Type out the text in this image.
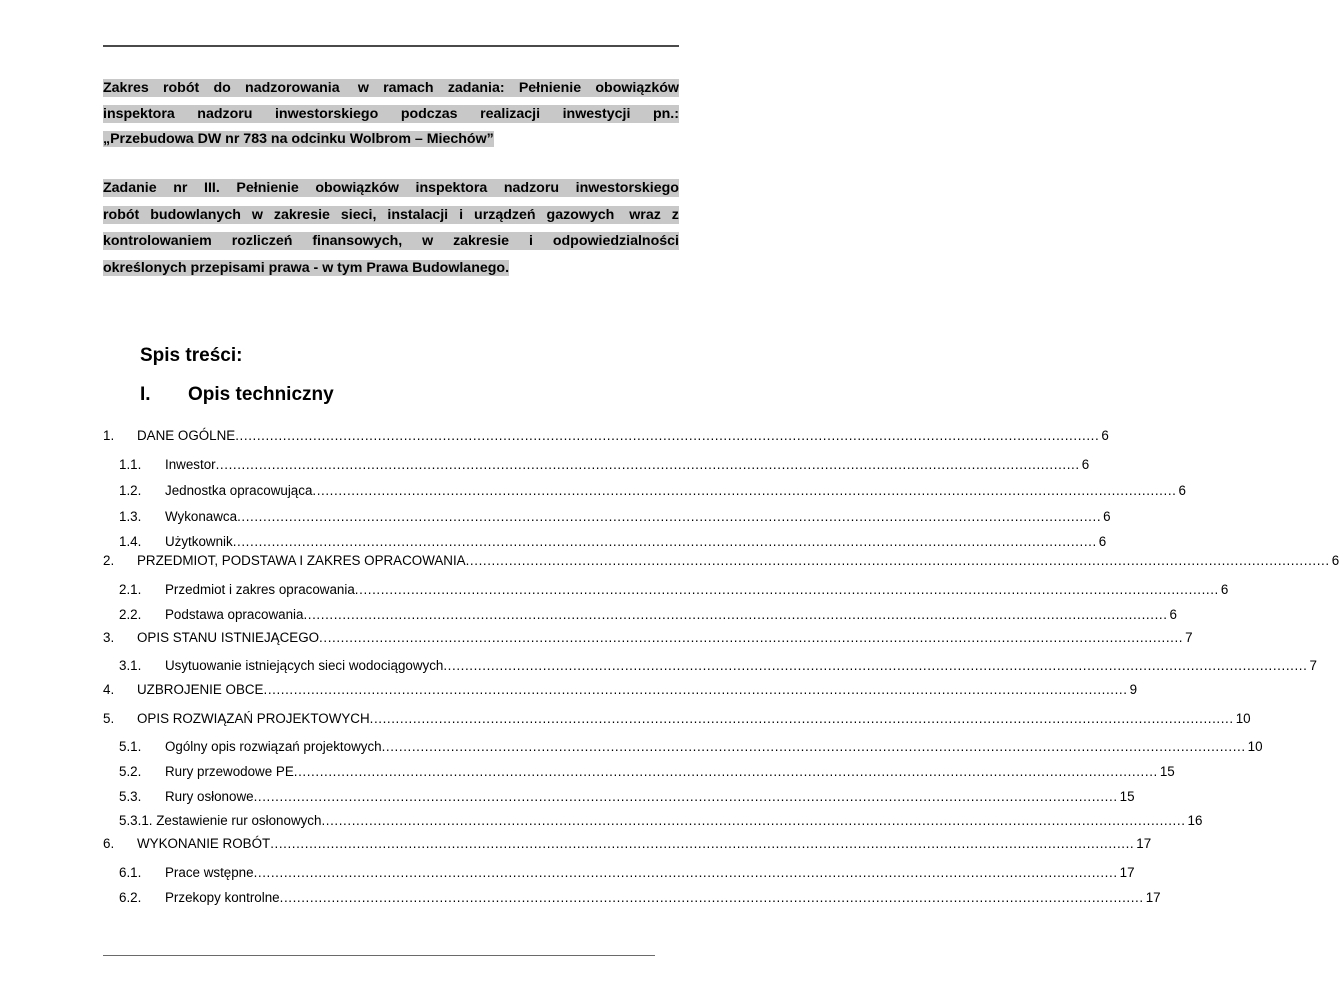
Zakres robót do nadzorowania w ramach zadania: Pełnienie obowiązków
inspektora nadzoru inwestorskiego podczas realizacji inwestycji pn.:
„Przebudowa DW nr 783 na odcinku Wolbrom – Miechów”
Zadanie nr III. Pełnienie obowiązków inspektora nadzoru inwestorskiego
robót budowlanych w zakresie sieci, instalacji i urządzeń gazowych wraz z
kontrolowaniem rozliczeń finansowych, w zakresie i odpowiedzialności
określonych przepisami prawa - w tym Prawa Budowlanego.
Spis treści:
I. Opis techniczny
1. DANE OGÓLNE ........................................................................................................................................................................................................ 6
1.1. Inwestor ........................................................................................................................................................................................................ 6
1.2. Jednostka opracowująca ........................................................................................................................................................................................................ 6
1.3. Wykonawca ........................................................................................................................................................................................................ 6
1.4. Użytkownik ........................................................................................................................................................................................................ 6
2. PRZEDMIOT, PODSTAWA I ZAKRES OPRACOWANIA ........................................................................................................................................................................................................ 6
2.1. Przedmiot i zakres opracowania ........................................................................................................................................................................................................ 6
2.2. Podstawa opracowania ........................................................................................................................................................................................................ 6
3. OPIS STANU ISTNIEJĄCEGO ........................................................................................................................................................................................................ 7
3.1. Usytuowanie istniejących sieci wodociągowych ........................................................................................................................................................................................................ 7
4. UZBROJENIE OBCE ........................................................................................................................................................................................................ 9
5. OPIS ROZWIĄZAŃ PROJEKTOWYCH ........................................................................................................................................................................................................ 10
5.1. Ogólny opis rozwiązań projektowych ........................................................................................................................................................................................................ 10
5.2. Rury przewodowe PE ........................................................................................................................................................................................................ 15
5.3. Rury osłonowe ........................................................................................................................................................................................................ 15
5.3.1. Zestawienie rur osłonowych ........................................................................................................................................................................................................ 16
6. WYKONANIE ROBÓT ........................................................................................................................................................................................................ 17
6.1. Prace wstępne ........................................................................................................................................................................................................ 17
6.2. Przekopy kontrolne ........................................................................................................................................................................................................ 17
